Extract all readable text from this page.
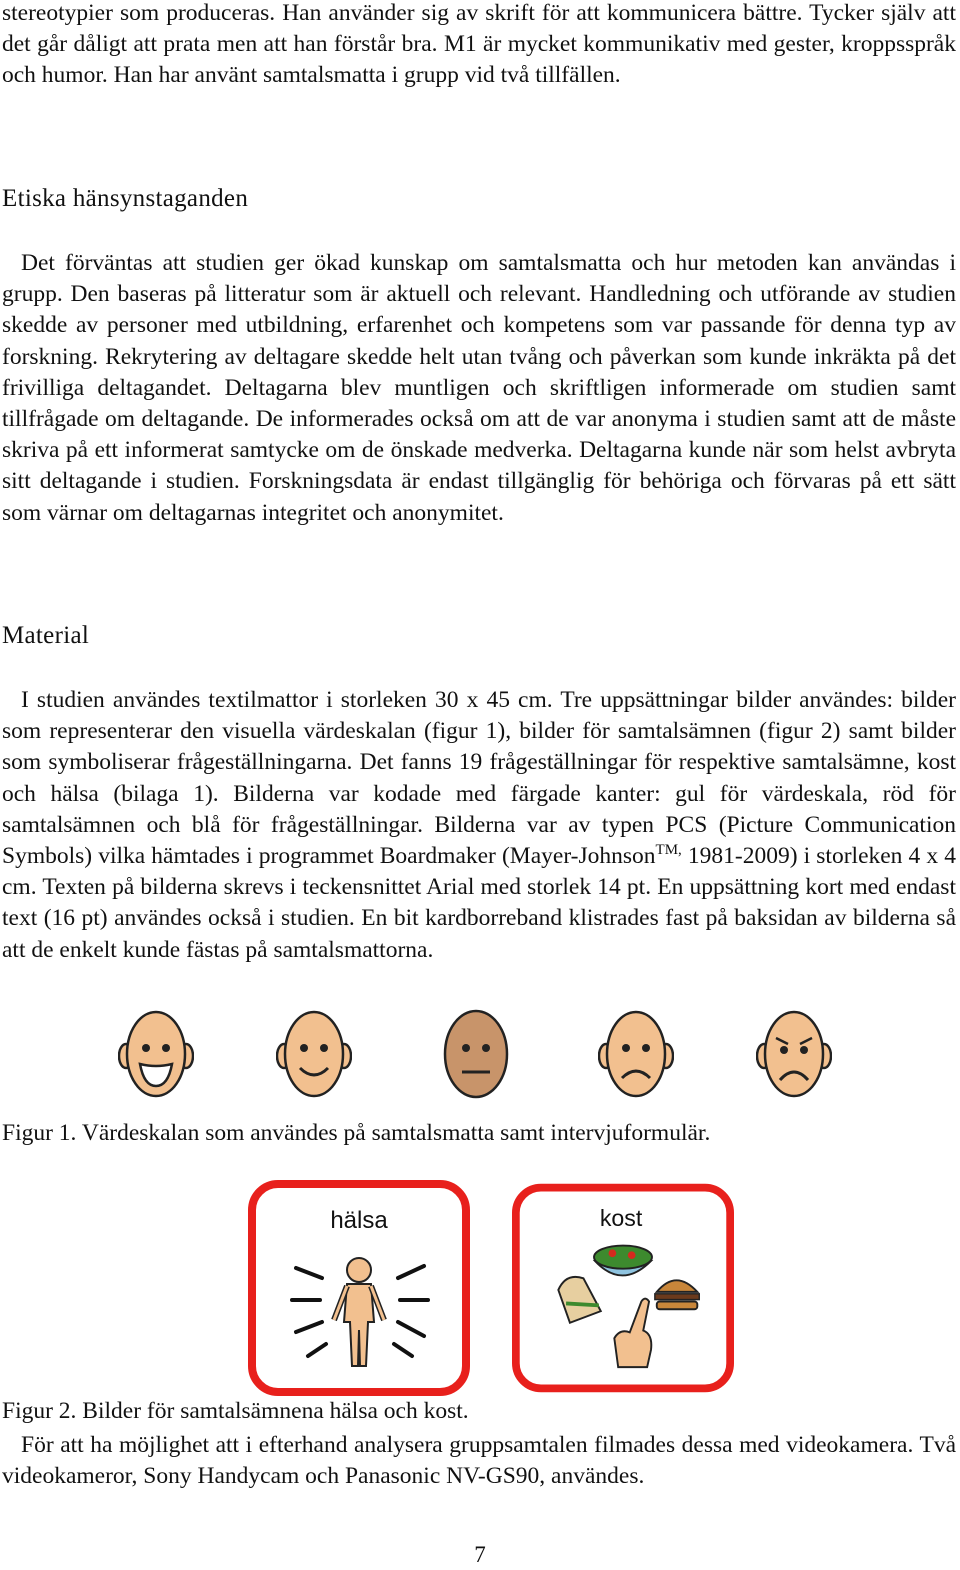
stereotypier som produceras. Han använder sig av skrift för att kommunicera bättre. Tycker själv att det går dåligt att prata men att han förstår bra. M1 är mycket kommunikativ med gester, kroppsspråk och humor. Han har använt samtalsmatta i grupp vid två tillfällen.

Etiska hänsynstaganden

Det förväntas att studien ger ökad kunskap om samtalsmatta och hur metoden kan användas i grupp. Den baseras på litteratur som är aktuell och relevant. Handledning och utförande av studien skedde av personer med utbildning, erfarenhet och kompetens som var passande för denna typ av forskning. Rekrytering av deltagare skedde helt utan tvång och påverkan som kunde inkräkta på det frivilliga deltagandet. Deltagarna blev muntligen och skriftligen informerade om studien samt tillfrågade om deltagande. De informerades också om att de var anonyma i studien samt att de måste skriva på ett informerat samtycke om de önskade medverka. Deltagarna kunde när som helst avbryta sitt deltagande i studien. Forskningsdata är endast tillgänglig för behöriga och förvaras på ett sätt som värnar om deltagarnas integritet och anonymitet.

Material

I studien användes textilmattor i storleken 30 x 45 cm. Tre uppsättningar bilder användes: bilder som representerar den visuella värdeskalan (figur 1), bilder för samtalsämnen (figur 2) samt bilder som symboliserar frågeställningarna. Det fanns 19 frågeställningar för respektive samtalsämne, kost och hälsa (bilaga 1). Bilderna var kodade med färgade kanter: gul för värdeskala, röd för samtalsämnen och blå för frågeställningar. Bilderna var av typen PCS (Picture Communication Symbols) vilka hämtades i programmet Boardmaker (Mayer-Johnson$^{TM,}$ 1981-2009) i storleken 4 x 4 cm. Texten på bilderna skrevs i teckensnittet Arial med storlek 14 pt. En uppsättning kort med endast text (16 pt) användes också i studien. En bit kardborreband klistrades fast på baksidan av bilderna så att de enkelt kunde fästas på samtalsmattorna.

Figur 1. Värdeskalan som användes på samtalsmatta samt intervjuformulär.

hälsa	kost

Figur 2. Bilder för samtalsämnena hälsa och kost.

För att ha möjlighet att i efterhand analysera gruppsamtalen filmades dessa med videokamera. Två videokameror, Sony Handycam och Panasonic NV-GS90, användes.

7
